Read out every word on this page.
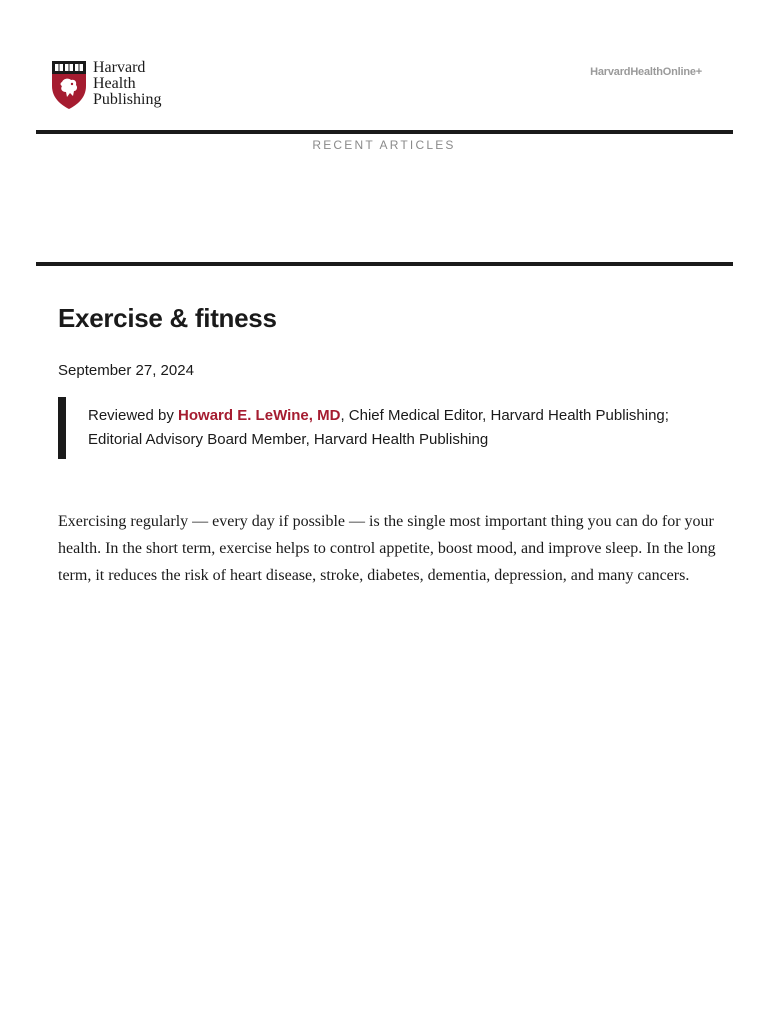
Harvard
Health
Publishing
HarvardHealthOnline+
RECENT ARTICLES
Exercise & fitness
September 27, 2024
Reviewed by Howard E. LeWine, MD, Chief Medical Editor, Harvard Health Publishing; Editorial Advisory Board Member, Harvard Health Publishing

Exercising regularly — every day if possible — is the single most important thing you can do for your health. In the short term, exercise helps to control appetite, boost mood, and improve sleep. In the long term, it reduces the risk of heart disease, stroke, diabetes, dementia, depression, and many cancers.
